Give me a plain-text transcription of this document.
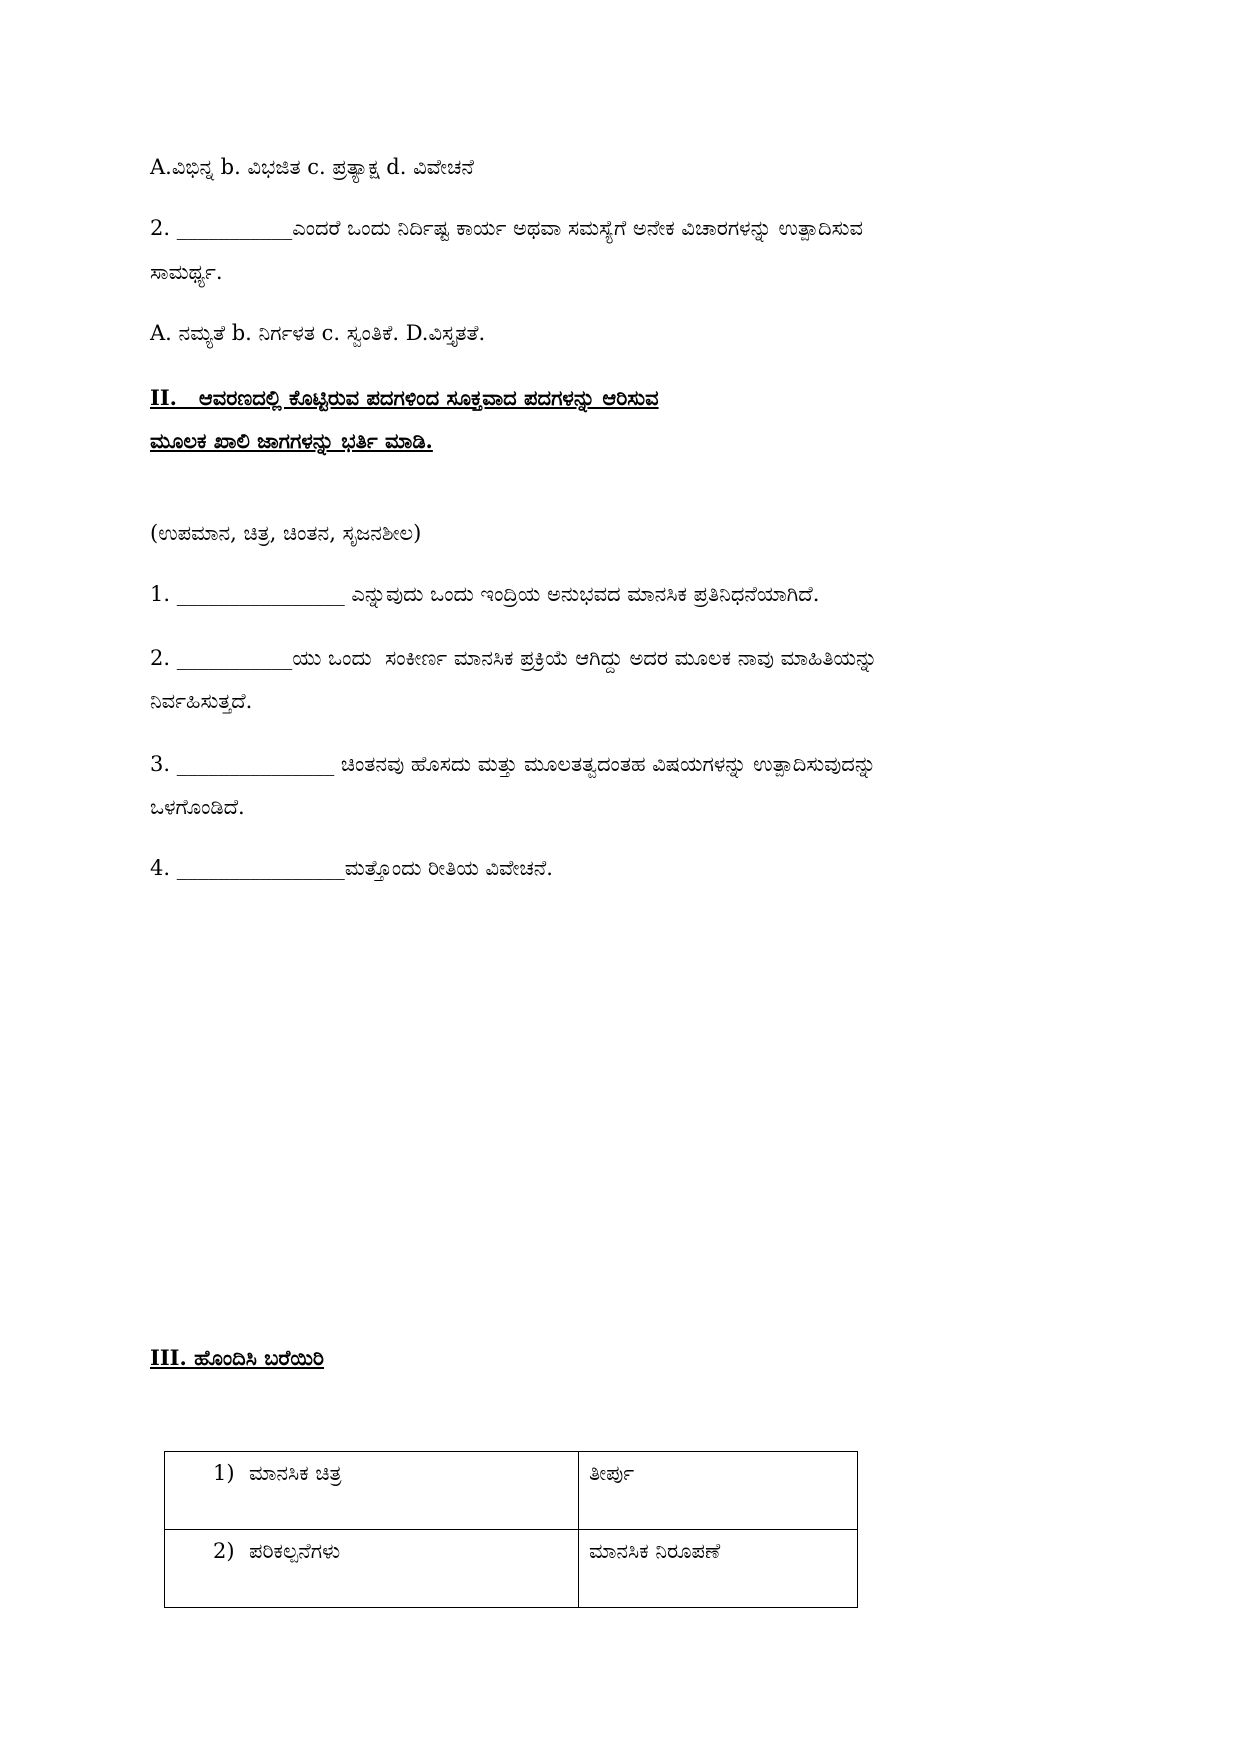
A.ವಿಭಿನ್ನ b. ವಿಭಜಿತ c. ಪ್ರತ್ಯಾಕ್ಷ d. ವಿವೇಚನೆ
2. ___________ಎಂದರೆ ಒಂದು ನಿರ್ದಿಷ್ಟ ಕಾರ್ಯ ಅಥವಾ ಸಮಸ್ಯೆಗೆ ಅನೇಕ ವಿಚಾರಗಳನ್ನು ಉತ್ಪಾದಿಸುವ
ಸಾಮರ್ಥ್ಯ.
A. ನಮ್ಯತೆ b. ನಿರ್ಗಳತ c. ಸ್ವಂತಿಕೆ. D.ವಿಸ್ತೃತತೆ.
II.   ಆವರಣದಲ್ಲಿ ಕೊಟ್ಟಿರುವ ಪದಗಳಿಂದ ಸೂಕ್ತವಾದ ಪದಗಳನ್ನು ಆರಿಸುವ
ಮೂಲಕ ಖಾಲಿ ಜಾಗಗಳನ್ನು ಭರ್ತಿ ಮಾಡಿ.
(ಉಪಮಾನ, ಚಿತ್ರ, ಚಿಂತನ, ಸೃಜನಶೀಲ)
1. ________________ ಎನ್ನುವುದು ಒಂದು ಇಂದ್ರಿಯ ಅನುಭವದ ಮಾನಸಿಕ ಪ್ರತಿನಿಧನೆಯಾಗಿದೆ.
2. ___________ಯು ಒಂದು  ಸಂಕೀರ್ಣ ಮಾನಸಿಕ ಪ್ರಕ್ರಿಯೆ ಆಗಿದ್ದು ಅದರ ಮೂಲಕ ನಾವು ಮಾಹಿತಿಯನ್ನು
ನಿರ್ವಹಿಸುತ್ತದೆ.
3. _______________ ಚಿಂತನವು ಹೊಸದು ಮತ್ತು ಮೂಲತತ್ವದಂತಹ ವಿಷಯಗಳನ್ನು ಉತ್ಪಾದಿಸುವುದನ್ನು
ಒಳಗೊಂಡಿದೆ.
4. ________________ಮತ್ತೊಂದು ರೀತಿಯ ವಿವೇಚನೆ.
III. ಹೊಂದಿಸಿ ಬರೆಯಿರಿ
1) ಮಾನಸಿಕ ಚಿತ್ರ	ತೀರ್ಪು
2) ಪರಿಕಲ್ಪನೆಗಳು	ಮಾನಸಿಕ ನಿರೂಪಣೆ
